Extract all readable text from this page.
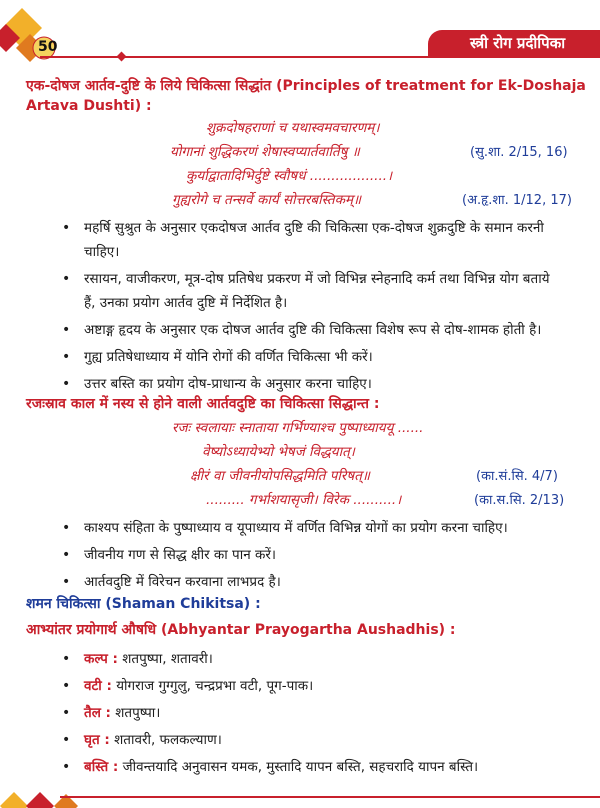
50	स्त्री रोग प्रदीपिका
एक-दोषज आर्तव-दुष्टि के लिये चिकित्सा सिद्धांत (Principles of treatment for Ek-Doshaja Artava Dushti) :
शुक्रदोषहराणां च यथास्वमवचारणम्।
योगानां शुद्धिकरणं शेषास्वप्यार्तवार्तिषु ॥	(सु.शा. 2/15, 16)
कुर्याद्वातादिभिर्दुष्टे स्वौषधं ..................।
गुह्यरोगे च तन्सर्वे कार्यं सोत्तरबस्तिकम्॥	(अ.हृ.शा. 1/12, 17)
• महर्षि सुश्रुत के अनुसार एकदोषज आर्तव दुष्टि की चिकित्सा एक-दोषज शुक्रदुष्टि के समान करनी चाहिए।
• रसायन, वाजीकरण, मूत्र-दोष प्रतिषेध प्रकरण में जो विभिन्न स्नेहनादि कर्म तथा विभिन्न योग बताये हैं, उनका प्रयोग आर्तव दुष्टि में निर्देशित है।
• अष्टाङ्ग हृदय के अनुसार एक दोषज आर्तव दुष्टि की चिकित्सा विशेष रूप से दोष-शामक होती है।
• गुह्य प्रतिषेधाध्याय में योनि रोगों की वर्णित चिकित्सा भी करें।
• उत्तर बस्ति का प्रयोग दोष-प्राधान्य के अनुसार करना चाहिए।
रजःस्राव काल में नस्य से होने वाली आर्तवदुष्टि का चिकित्सा सिद्धान्त :
रजः स्वलायाः स्नाताया गर्भिण्याश्च पुष्पाध्याययू ......
वेष्योऽध्यायेभ्यो भेषजं विद्धयात्।
क्षीरं वा जीवनीयोपसिद्धमिति परिषत्॥	(का.सं.सि. 4/7)
......... गर्भाशयासृजी। विरेक ..........।	(का.स.सि. 2/13)
• काश्यप संहिता के पुष्पाध्याय व यूपाध्याय में वर्णित विभिन्न योगों का प्रयोग करना चाहिए।
• जीवनीय गण से सिद्ध क्षीर का पान करें।
• आर्तवदुष्टि में विरेचन करवाना लाभप्रद है।
शमन चिकित्सा (Shaman Chikitsa) :
आभ्यांतर प्रयोगार्थ औषधि (Abhyantar Prayogartha Aushadhis) :
• कल्प : शतपुष्पा, शतावरी।
• वटी : योगराज गुग्गुलु, चन्द्रप्रभा वटी, पूग-पाक।
• तैल : शतपुष्पा।
• घृत : शतावरी, फलकल्याण।
• बस्ति : जीवन्तयादि अनुवासन यमक, मुस्तादि यापन बस्ति, सहचरादि यापन बस्ति।
